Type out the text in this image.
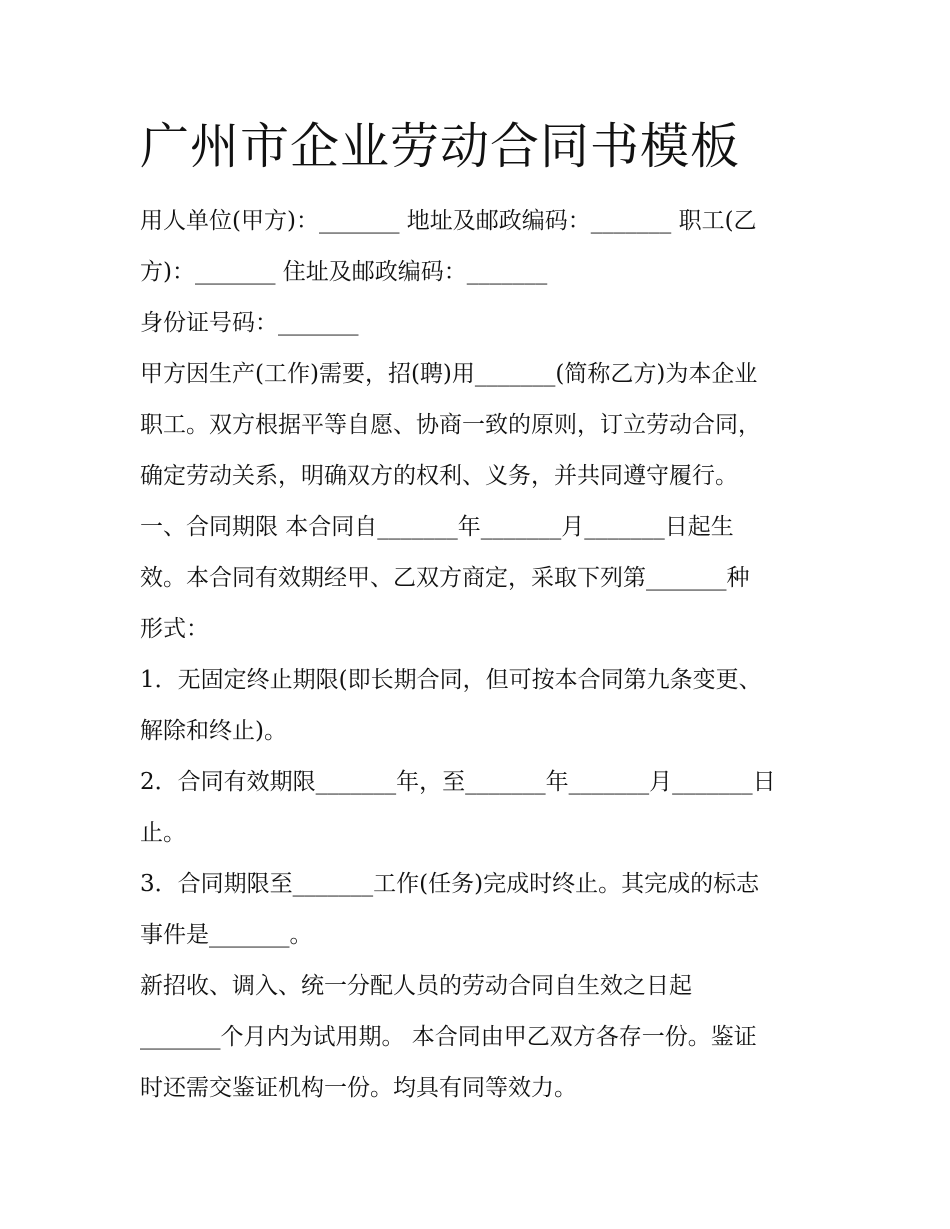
广州市企业劳动合同书模板
用人单位(甲方)：_______ 地址及邮政编码：_______ 职工(乙
方)：_______ 住址及邮政编码：_______
身份证号码：_______
甲方因生产(工作)需要，招(聘)用_______(简称乙方)为本企业
职工。双方根据平等自愿、协商一致的原则，订立劳动合同，
确定劳动关系，明确双方的权利、义务，并共同遵守履行。
一、合同期限 本合同自_______年_______月_______日起生
效。本合同有效期经甲、乙双方商定，采取下列第_______种
形式：
1．无固定终止期限(即长期合同，但可按本合同第九条变更、
解除和终止)。
2．合同有效期限_______年，至_______年_______月_______日
止。
3．合同期限至_______工作(任务)完成时终止。其完成的标志
事件是_______。
新招收、调入、统一分配人员的劳动合同自生效之日起
_______个月内为试用期。 本合同由甲乙双方各存一份。鉴证
时还需交鉴证机构一份。均具有同等效力。
